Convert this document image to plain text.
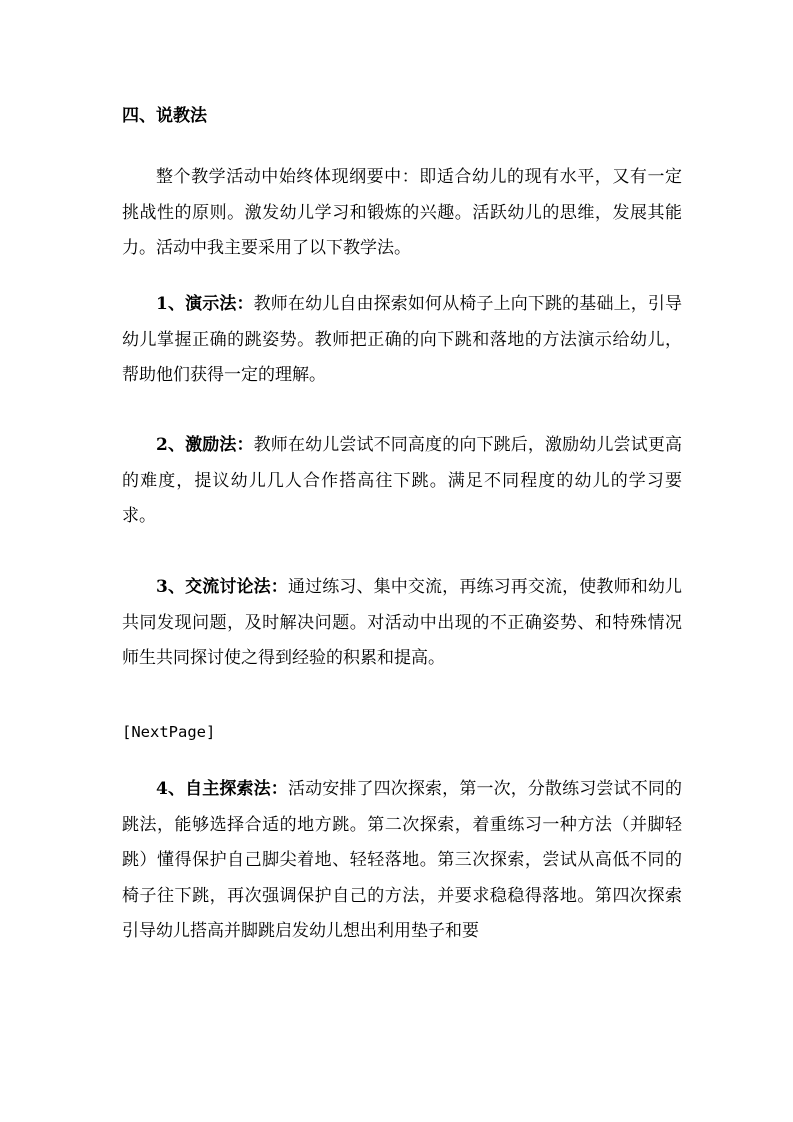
四、说教法

整个教学活动中始终体现纲要中：即适合幼儿的现有水平，又有一定挑战性的原则。激发幼儿学习和锻炼的兴趣。活跃幼儿的思维，发展其能力。活动中我主要采用了以下教学法。

1、演示法：教师在幼儿自由探索如何从椅子上向下跳的基础上，引导幼儿掌握正确的跳姿势。教师把正确的向下跳和落地的方法演示给幼儿，帮助他们获得一定的理解。

2、激励法：教师在幼儿尝试不同高度的向下跳后，激励幼儿尝试更高的难度，提议幼儿几人合作搭高往下跳。满足不同程度的幼儿的学习要求。

3、交流讨论法：通过练习、集中交流，再练习再交流，使教师和幼儿共同发现问题，及时解决问题。对活动中出现的不正确姿势、和特殊情况师生共同探讨使之得到经验的积累和提高。

[NextPage]

4、自主探索法：活动安排了四次探索，第一次，分散练习尝试不同的跳法，能够选择合适的地方跳。第二次探索，着重练习一种方法（并脚轻跳）懂得保护自己脚尖着地、轻轻落地。第三次探索，尝试从高低不同的椅子往下跳，再次强调保护自己的方法，并要求稳稳得落地。第四次探索引导幼儿搭高并脚跳启发幼儿想出利用垫子和要
